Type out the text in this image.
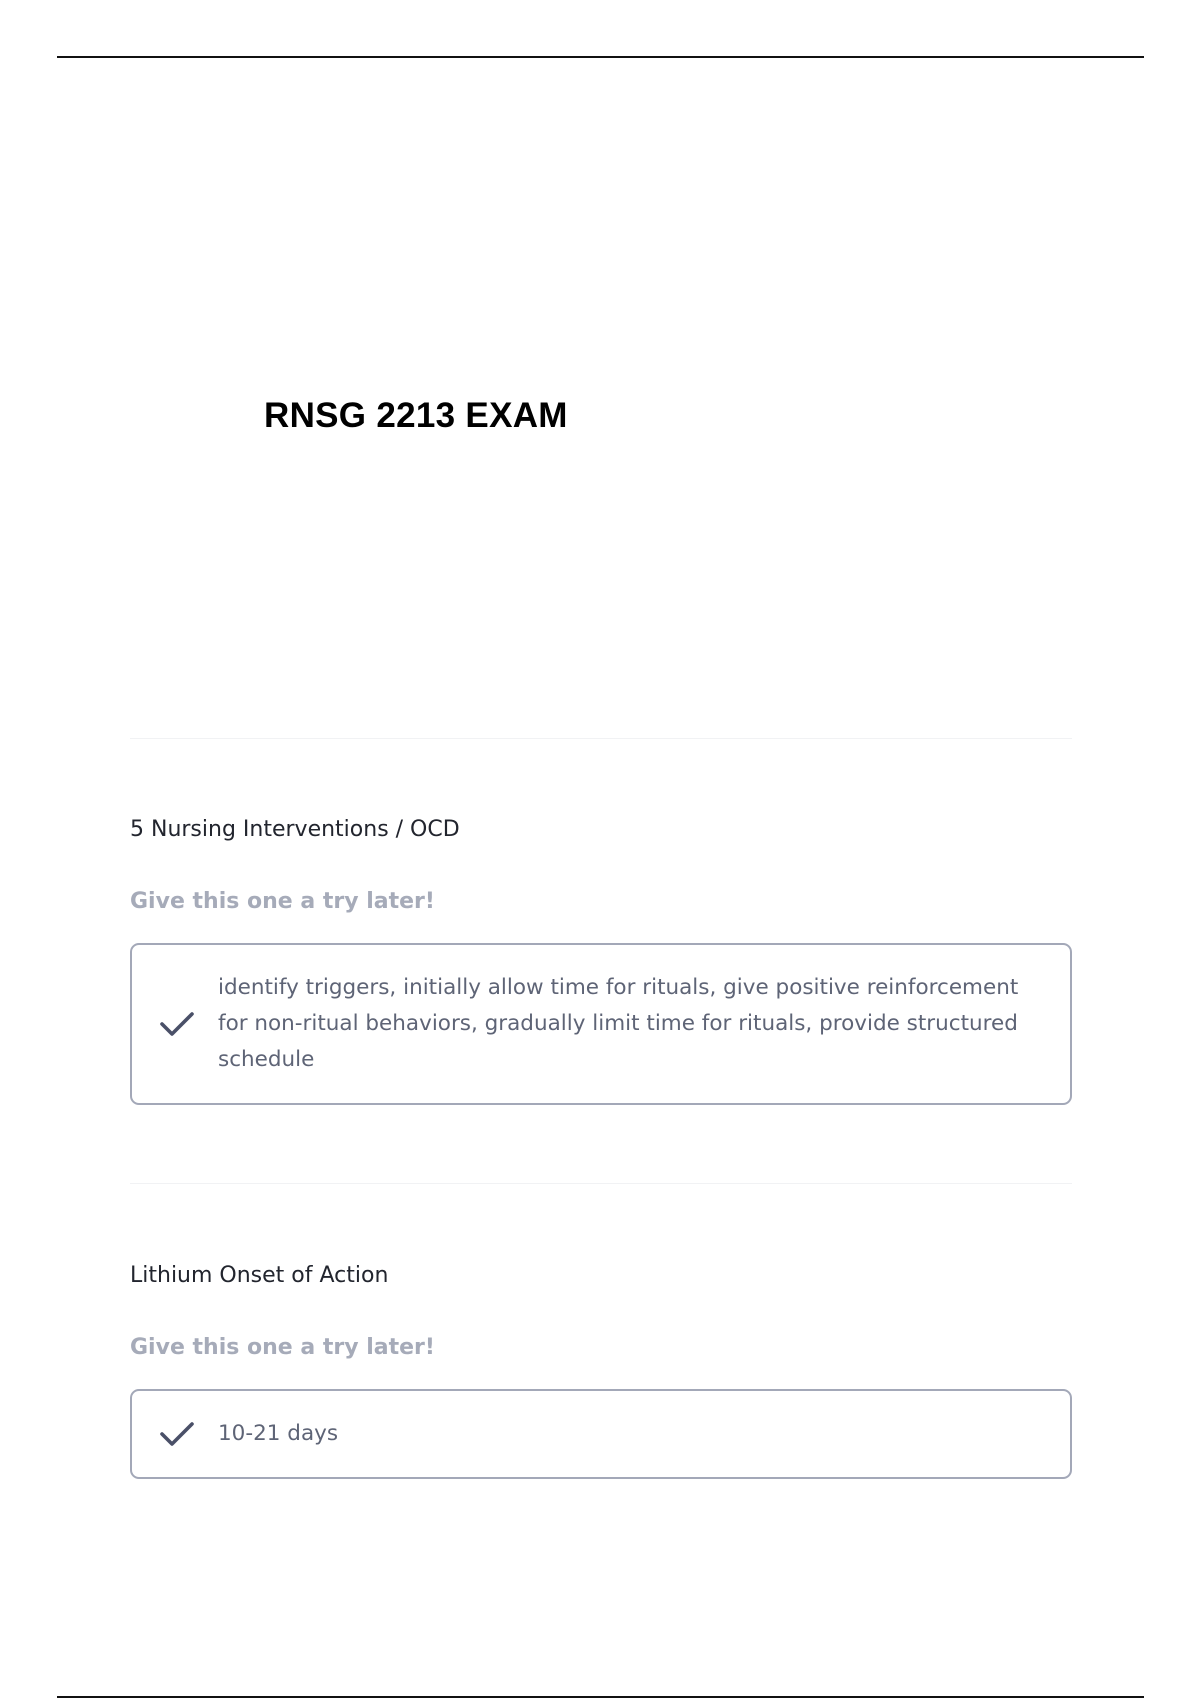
RNSG 2213 EXAM

5 Nursing Interventions / OCD

Give this one a try later!
identify triggers, initially allow time for rituals, give positive reinforcement for non-ritual behaviors, gradually limit time for rituals, provide structured schedule

Lithium Onset of Action

Give this one a try later!
10-21 days
